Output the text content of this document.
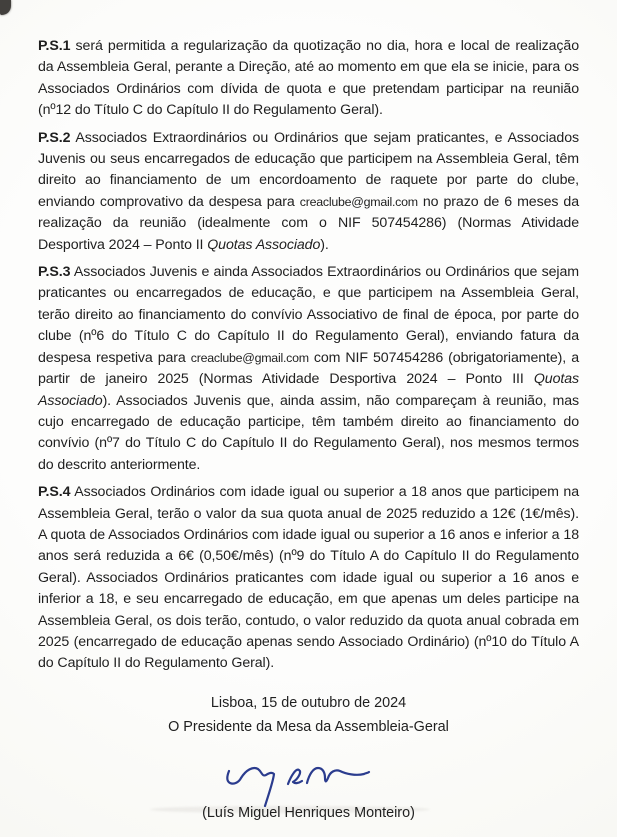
P.S.1 será permitida a regularização da quotização no dia, hora e local de realização da Assembleia Geral, perante a Direção, até ao momento em que ela se inicie, para os Associados Ordinários com dívida de quota e que pretendam participar na reunião (nº12 do Título C do Capítulo II do Regulamento Geral).

P.S.2 Associados Extraordinários ou Ordinários que sejam praticantes, e Associados Juvenis ou seus encarregados de educação que participem na Assembleia Geral, têm direito ao financiamento de um encordoamento de raquete por parte do clube, enviando comprovativo da despesa para creaclube@gmail.com no prazo de 6 meses da realização da reunião (idealmente com o NIF 507454286) (Normas Atividade Desportiva 2024 – Ponto II Quotas Associado).

P.S.3 Associados Juvenis e ainda Associados Extraordinários ou Ordinários que sejam praticantes ou encarregados de educação, e que participem na Assembleia Geral, terão direito ao financiamento do convívio Associativo de final de época, por parte do clube (nº6 do Título C do Capítulo II do Regulamento Geral), enviando fatura da despesa respetiva para creaclube@gmail.com com NIF 507454286 (obrigatoriamente), a partir de janeiro 2025 (Normas Atividade Desportiva 2024 – Ponto III Quotas Associado). Associados Juvenis que, ainda assim, não compareçam à reunião, mas cujo encarregado de educação participe, têm também direito ao financiamento do convívio (nº7 do Título C do Capítulo II do Regulamento Geral), nos mesmos termos do descrito anteriormente.

P.S.4 Associados Ordinários com idade igual ou superior a 18 anos que participem na Assembleia Geral, terão o valor da sua quota anual de 2025 reduzido a 12€ (1€/mês). A quota de Associados Ordinários com idade igual ou superior a 16 anos e inferior a 18 anos será reduzida a 6€ (0,50€/mês) (nº9 do Título A do Capítulo II do Regulamento Geral). Associados Ordinários praticantes com idade igual ou superior a 16 anos e inferior a 18, e seu encarregado de educação, em que apenas um deles participe na Assembleia Geral, os dois terão, contudo, o valor reduzido da quota anual cobrada em 2025 (encarregado de educação apenas sendo Associado Ordinário) (nº10 do Título A do Capítulo II do Regulamento Geral).

Lisboa, 15 de outubro de 2024

O Presidente da Mesa da Assembleia-Geral

(Luís Miguel Henriques Monteiro)
